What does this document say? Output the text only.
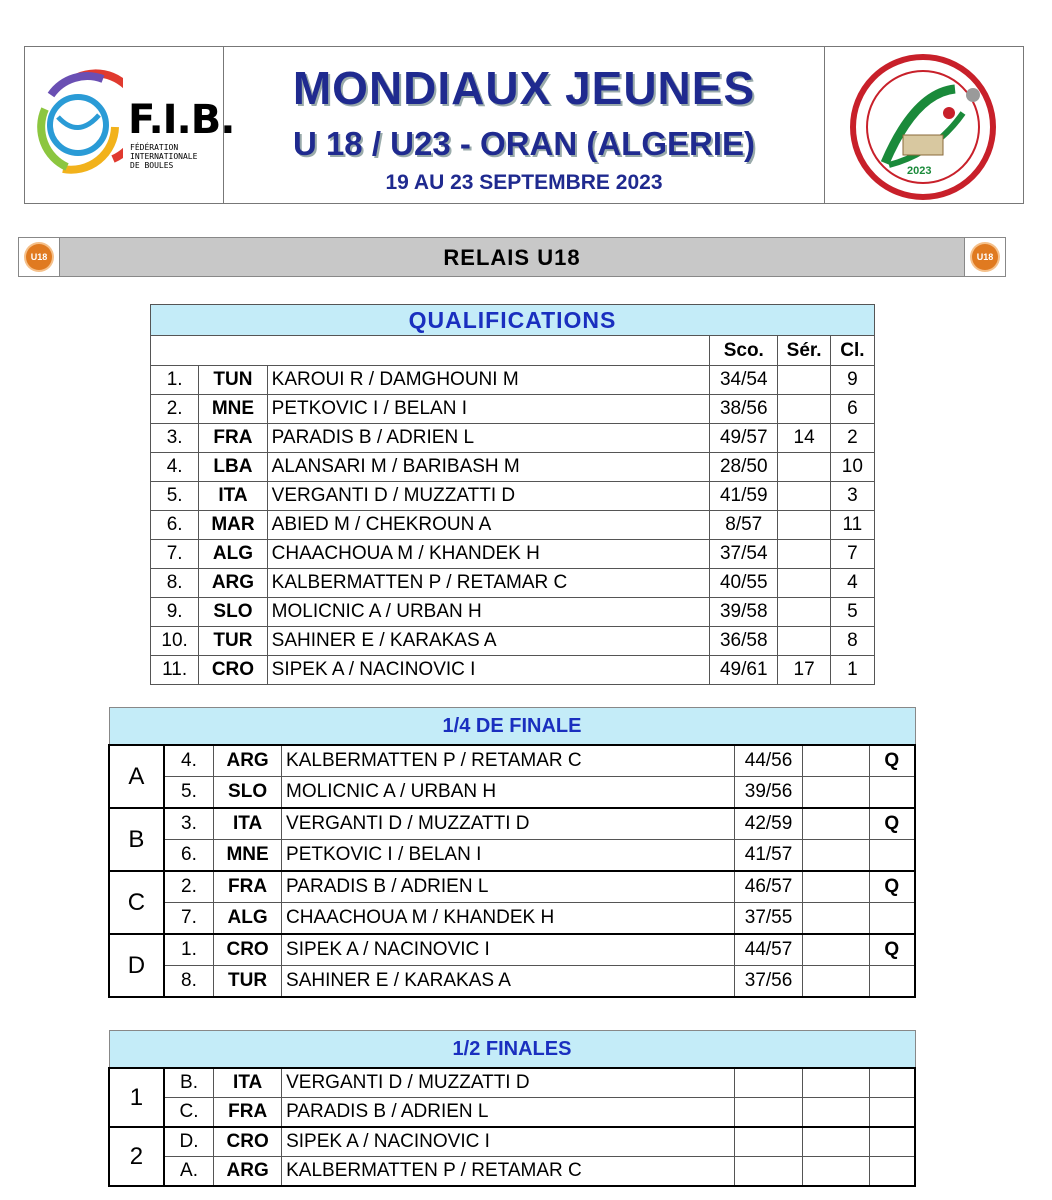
F.I.B.
FÉDÉRATION
INTERNATIONALE
DE BOULES
MONDIAUX JEUNES
U 18 / U23 - ORAN (ALGERIE)
19 AU 23 SEPTEMBRE 2023	2023
U18	RELAIS U18	U18
QUALIFICATIONS					
			Sco.	Sér.	Cl.
1.	TUN	KAROUI R / DAMGHOUNI M	34/54		9
2.	MNE	PETKOVIC I / BELAN I	38/56		6
3.	FRA	PARADIS B / ADRIEN L	49/57	14	2
4.	LBA	ALANSARI M / BARIBASH M	28/50		10
5.	ITA	VERGANTI D / MUZZATTI D	41/59		3
6.	MAR	ABIED M / CHEKROUN A	8/57		11
7.	ALG	CHAACHOUA M / KHANDEK H	37/54		7
8.	ARG	KALBERMATTEN P / RETAMAR C	40/55		4
9.	SLO	MOLICNIC A / URBAN H	39/58		5
10.	TUR	SAHINER E / KARAKAS A	36/58		8
11.	CRO	SIPEK A / NACINOVIC I	49/61	17	1
1/4 DE FINALE						
A	4.	ARG	KALBERMATTEN P / RETAMAR C	44/56		Q
	5.	SLO	MOLICNIC A / URBAN H	39/56		
B	3.	ITA	VERGANTI D / MUZZATTI D	42/59		Q
	6.	MNE	PETKOVIC I / BELAN I	41/57		
C	2.	FRA	PARADIS B / ADRIEN L	46/57		Q
	7.	ALG	CHAACHOUA M / KHANDEK H	37/55		
D	1.	CRO	SIPEK A / NACINOVIC I	44/57		Q
	8.	TUR	SAHINER E / KARAKAS A	37/56		
1/2 FINALES						
1	B.	ITA	VERGANTI D / MUZZATTI D			
	C.	FRA	PARADIS B / ADRIEN L			
2	D.	CRO	SIPEK A / NACINOVIC I			
	A.	ARG	KALBERMATTEN P / RETAMAR C			
